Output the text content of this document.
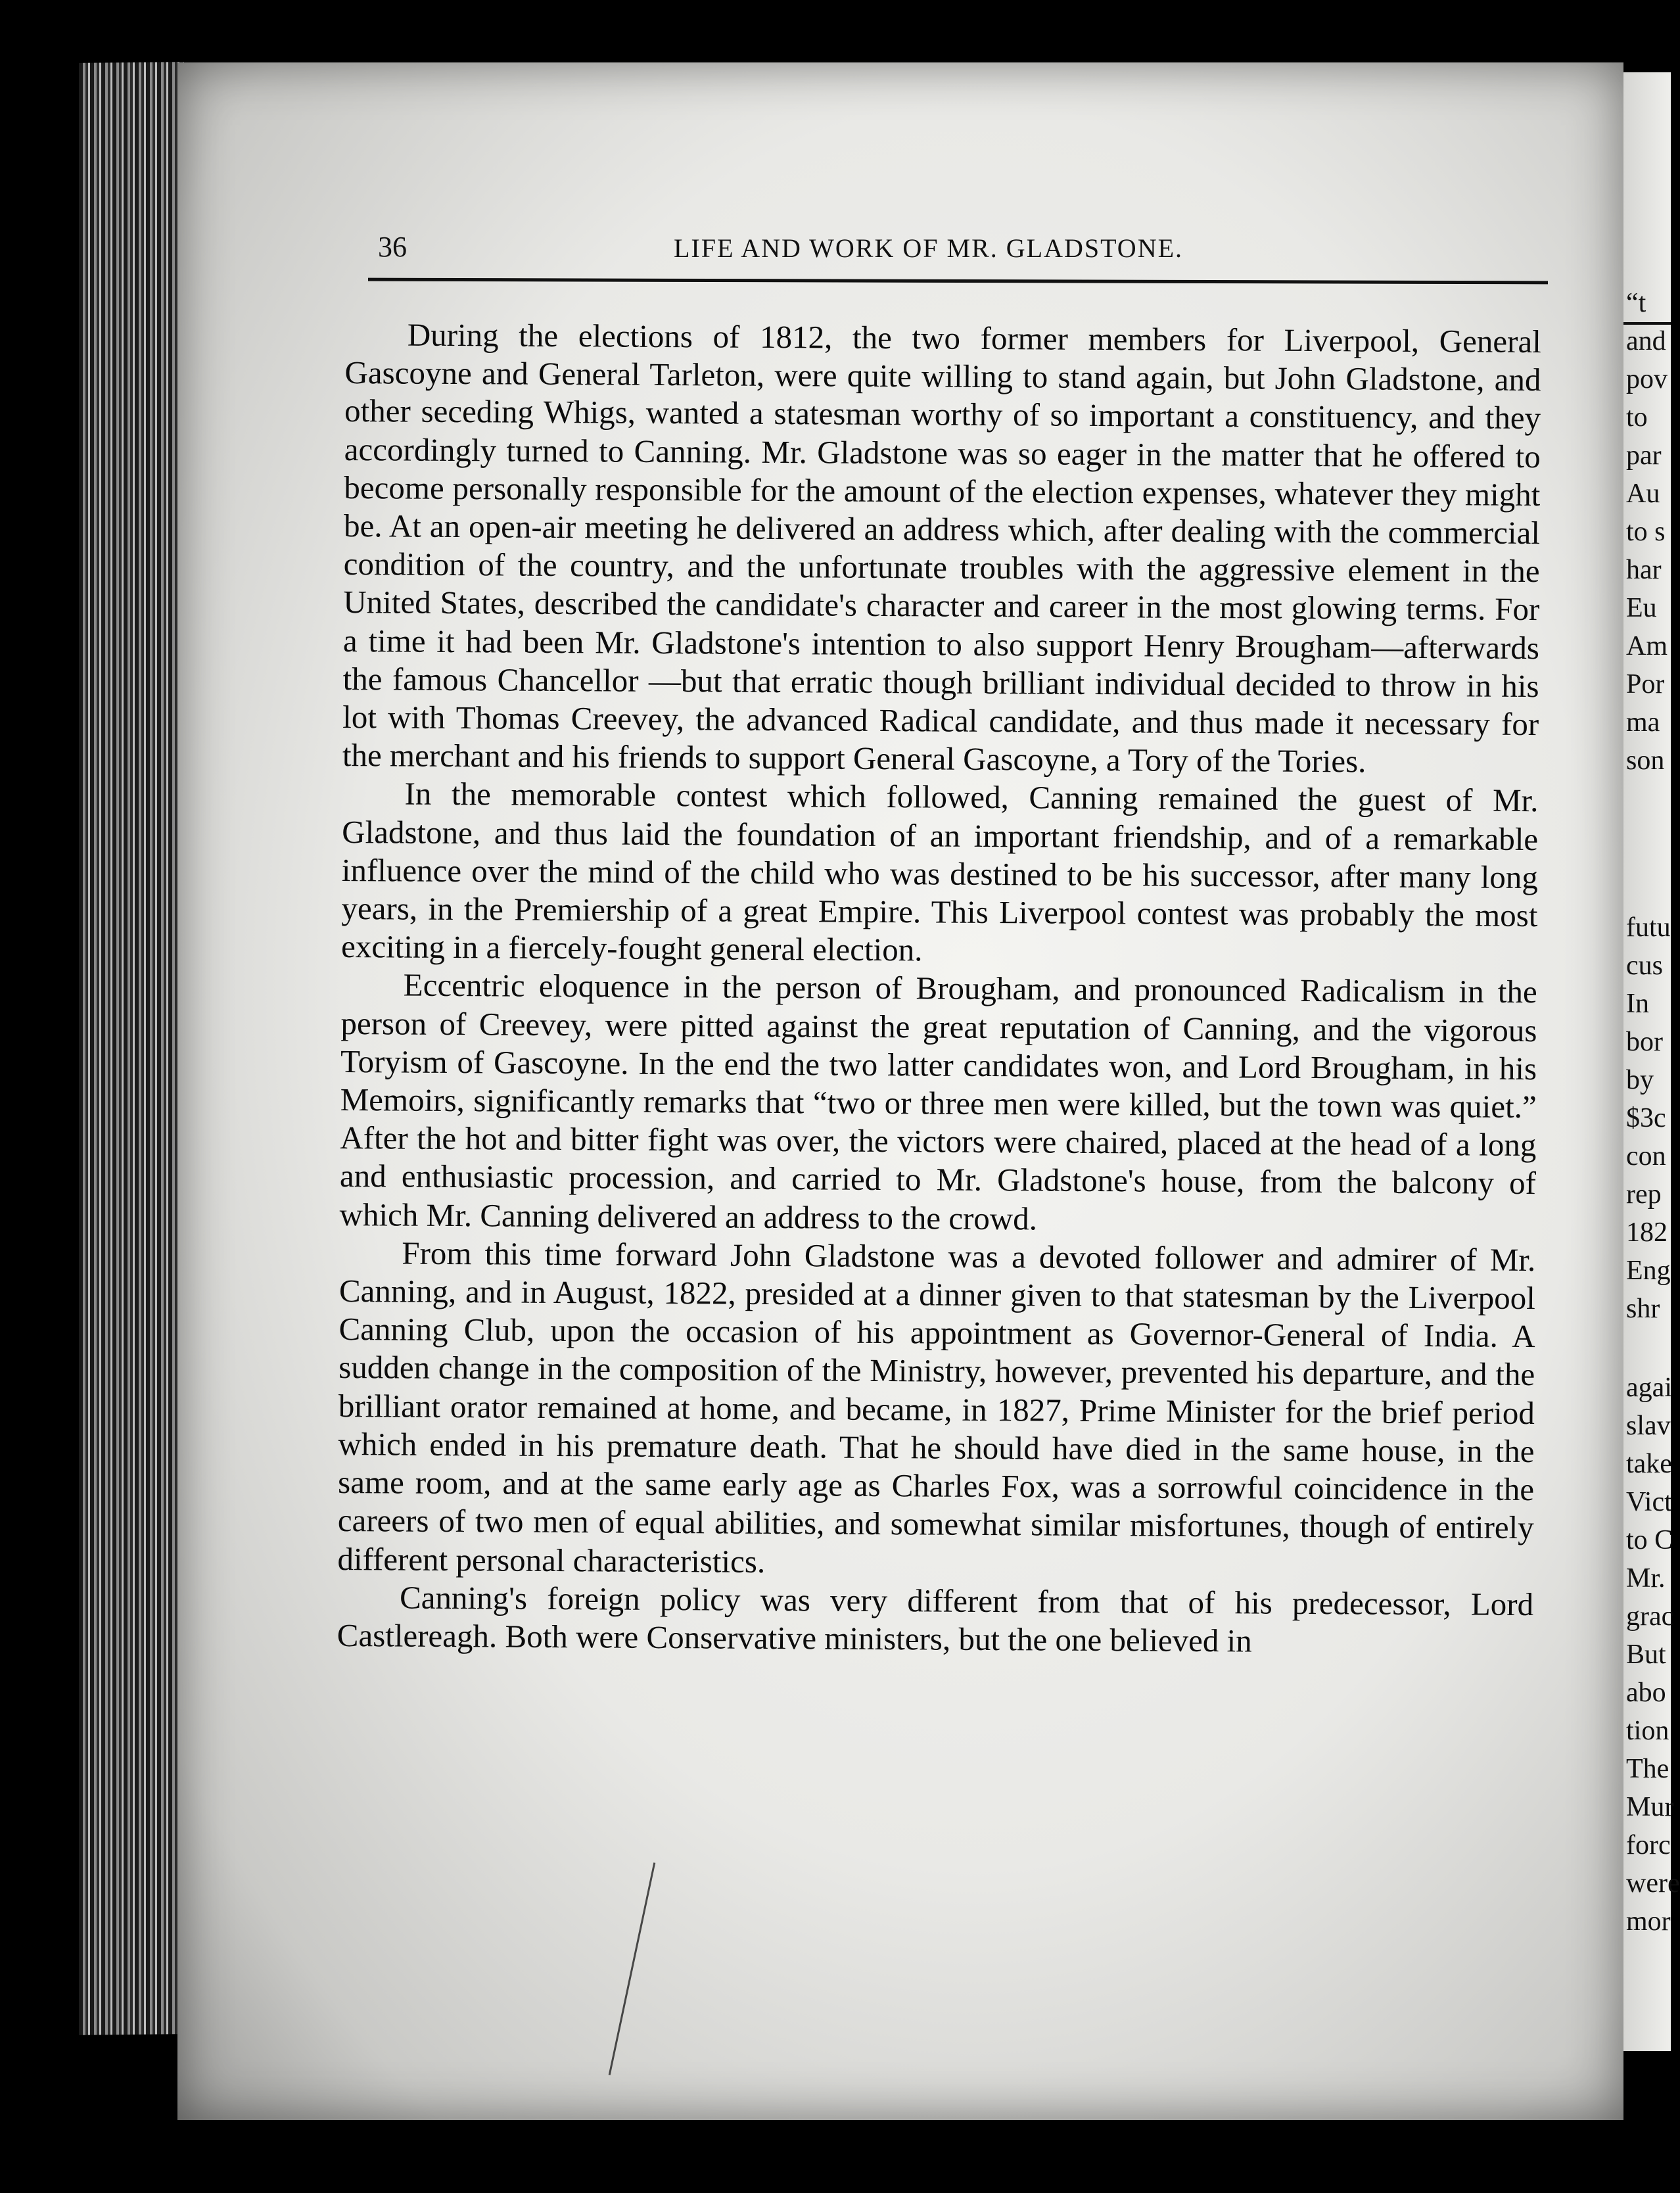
“t
and
pov
to
par
Au
to s
har
Eu
Am
Por
ma
son
futu
cus
In
bor
by
$3c
con
rep
182
Eng
shr
agai
slav
take
Vict
to C
Mr.
grac
But
abo
tion
The
Mur
forc
were
mor
36	LIFE AND WORK OF MR. GLADSTONE.

During the elections of 1812, the two former members for Liverpool, General Gascoyne and General Tarleton, were quite willing to stand again, but John Gladstone, and other seceding Whigs, wanted a statesman worthy of so important a constituency, and they accordingly turned to Canning. Mr. Gladstone was so eager in the matter that he offered to become personally responsible for the amount of the election expenses, whatever they might be. At an open-air meeting he delivered an address which, after dealing with the commercial condition of the country, and the unfortunate troubles with the aggressive element in the United States, described the candidate's character and career in the most glowing terms. For a time it had been Mr. Gladstone's intention to also support Henry Brougham—afterwards the famous Chancellor —but that erratic though brilliant individual decided to throw in his lot with Thomas Creevey, the advanced Radical candidate, and thus made it necessary for the merchant and his friends to support General Gascoyne, a Tory of the Tories.

In the memorable contest which followed, Canning remained the guest of Mr. Gladstone, and thus laid the foundation of an important friendship, and of a remarkable influence over the mind of the child who was destined to be his successor, after many long years, in the Premiership of a great Empire. This Liverpool contest was probably the most exciting in a fiercely-fought general election.

Eccentric eloquence in the person of Brougham, and pronounced Radicalism in the person of Creevey, were pitted against the great reputation of Canning, and the vigorous Toryism of Gascoyne. In the end the two latter candidates won, and Lord Brougham, in his Memoirs, significantly remarks that “two or three men were killed, but the town was quiet.” After the hot and bitter fight was over, the victors were chaired, placed at the head of a long and enthusiastic procession, and carried to Mr. Gladstone's house, from the balcony of which Mr. Canning delivered an address to the crowd.

From this time forward John Gladstone was a devoted follower and admirer of Mr. Canning, and in August, 1822, presided at a dinner given to that statesman by the Liverpool Canning Club, upon the occasion of his appointment as Governor-General of India. A sudden change in the composition of the Ministry, however, prevented his departure, and the brilliant orator remained at home, and became, in 1827, Prime Minister for the brief period which ended in his premature death. That he should have died in the same house, in the same room, and at the same early age as Charles Fox, was a sorrowful coincidence in the careers of two men of equal abilities, and somewhat similar misfortunes, though of entirely different personal characteristics.

Canning's foreign policy was very different from that of his predecessor, Lord Castlereagh. Both were Conservative ministers, but the one believed in
